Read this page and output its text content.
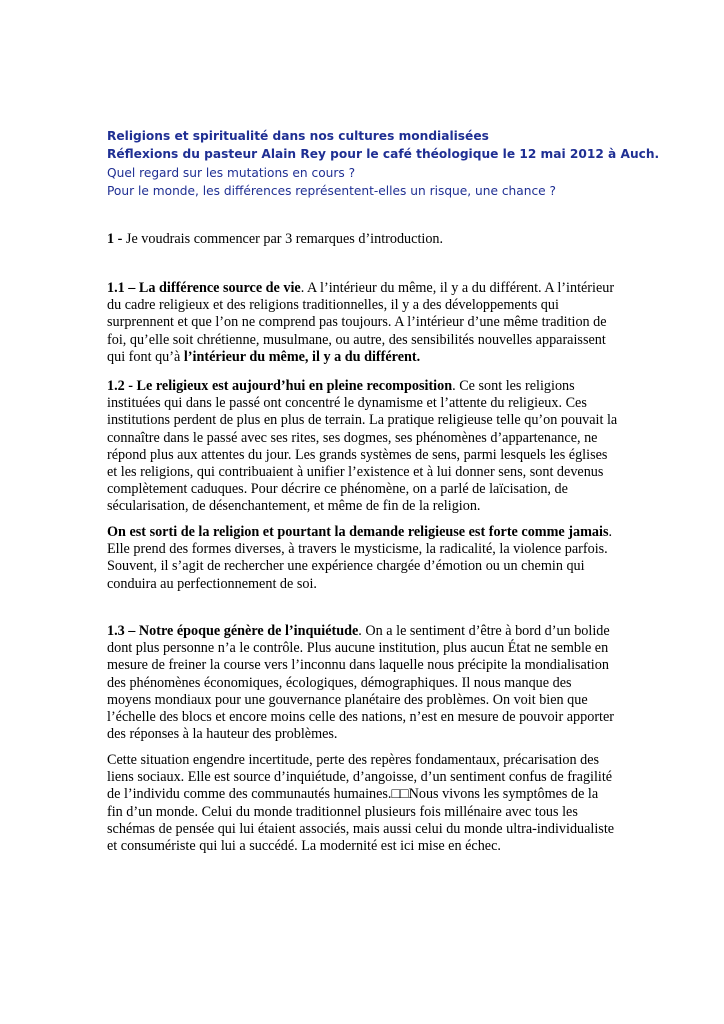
Religions et spiritualité dans nos cultures mondialisées
Réflexions du pasteur Alain Rey pour le café théologique le 12 mai 2012 à Auch.
Quel regard sur les mutations en cours ?
Pour le monde, les différences représentent-elles un risque, une chance ?

1 - Je voudrais commencer par 3 remarques d’introduction.

1.1 – La différence source de vie. A l’intérieur du même, il y a du différent. A l’intérieur

du cadre religieux et des religions traditionnelles, il y a des développements qui

surprennent et que l’on ne comprend pas toujours. A l’intérieur d’une même tradition de

foi, qu’elle soit chrétienne, musulmane, ou autre, des sensibilités nouvelles apparaissent

qui font qu’à l’intérieur du même, il y a du différent.

1.2 - Le religieux est aujourd’hui en pleine recomposition. Ce sont les religions

instituées qui dans le passé ont concentré le dynamisme et l’attente du religieux. Ces

institutions perdent de plus en plus de terrain. La pratique religieuse telle qu’on pouvait la

connaître dans le passé avec ses rites, ses dogmes, ses phénomènes d’appartenance, ne

répond plus aux attentes du jour. Les grands systèmes de sens, parmi lesquels les églises

et les religions, qui contribuaient à unifier l’existence et à lui donner sens, sont devenus

complètement caduques. Pour décrire ce phénomène, on a parlé de laïcisation, de

sécularisation, de désenchantement, et même de fin de la religion.

On est sorti de la religion et pourtant la demande religieuse est forte comme jamais.

Elle prend des formes diverses, à travers le mysticisme, la radicalité, la violence parfois.

Souvent, il s’agit de rechercher une expérience chargée d’émotion ou un chemin qui

conduira au perfectionnement de soi.

1.3 – Notre époque génère de l’inquiétude. On a le sentiment d’être à bord d’un bolide

dont plus personne n’a le contrôle. Plus aucune institution, plus aucun État ne semble en

mesure de freiner la course vers l’inconnu dans laquelle nous précipite la mondialisation

des phénomènes économiques, écologiques, démographiques. Il nous manque des

moyens mondiaux pour une gouvernance planétaire des problèmes. On voit bien que

l’échelle des blocs et encore moins celle des nations, n’est en mesure de pouvoir apporter

des réponses à la hauteur des problèmes.

Cette situation engendre incertitude, perte des repères fondamentaux, précarisation des

liens sociaux. Elle est source d’inquiétude, d’angoisse, d’un sentiment confus de fragilité

de l’individu comme des communautés humaines.□□Nous vivons les symptômes de la

fin d’un monde. Celui du monde traditionnel plusieurs fois millénaire avec tous les

schémas de pensée qui lui étaient associés, mais aussi celui du monde ultra-individualiste

et consumériste qui lui a succédé. La modernité est ici mise en échec.
